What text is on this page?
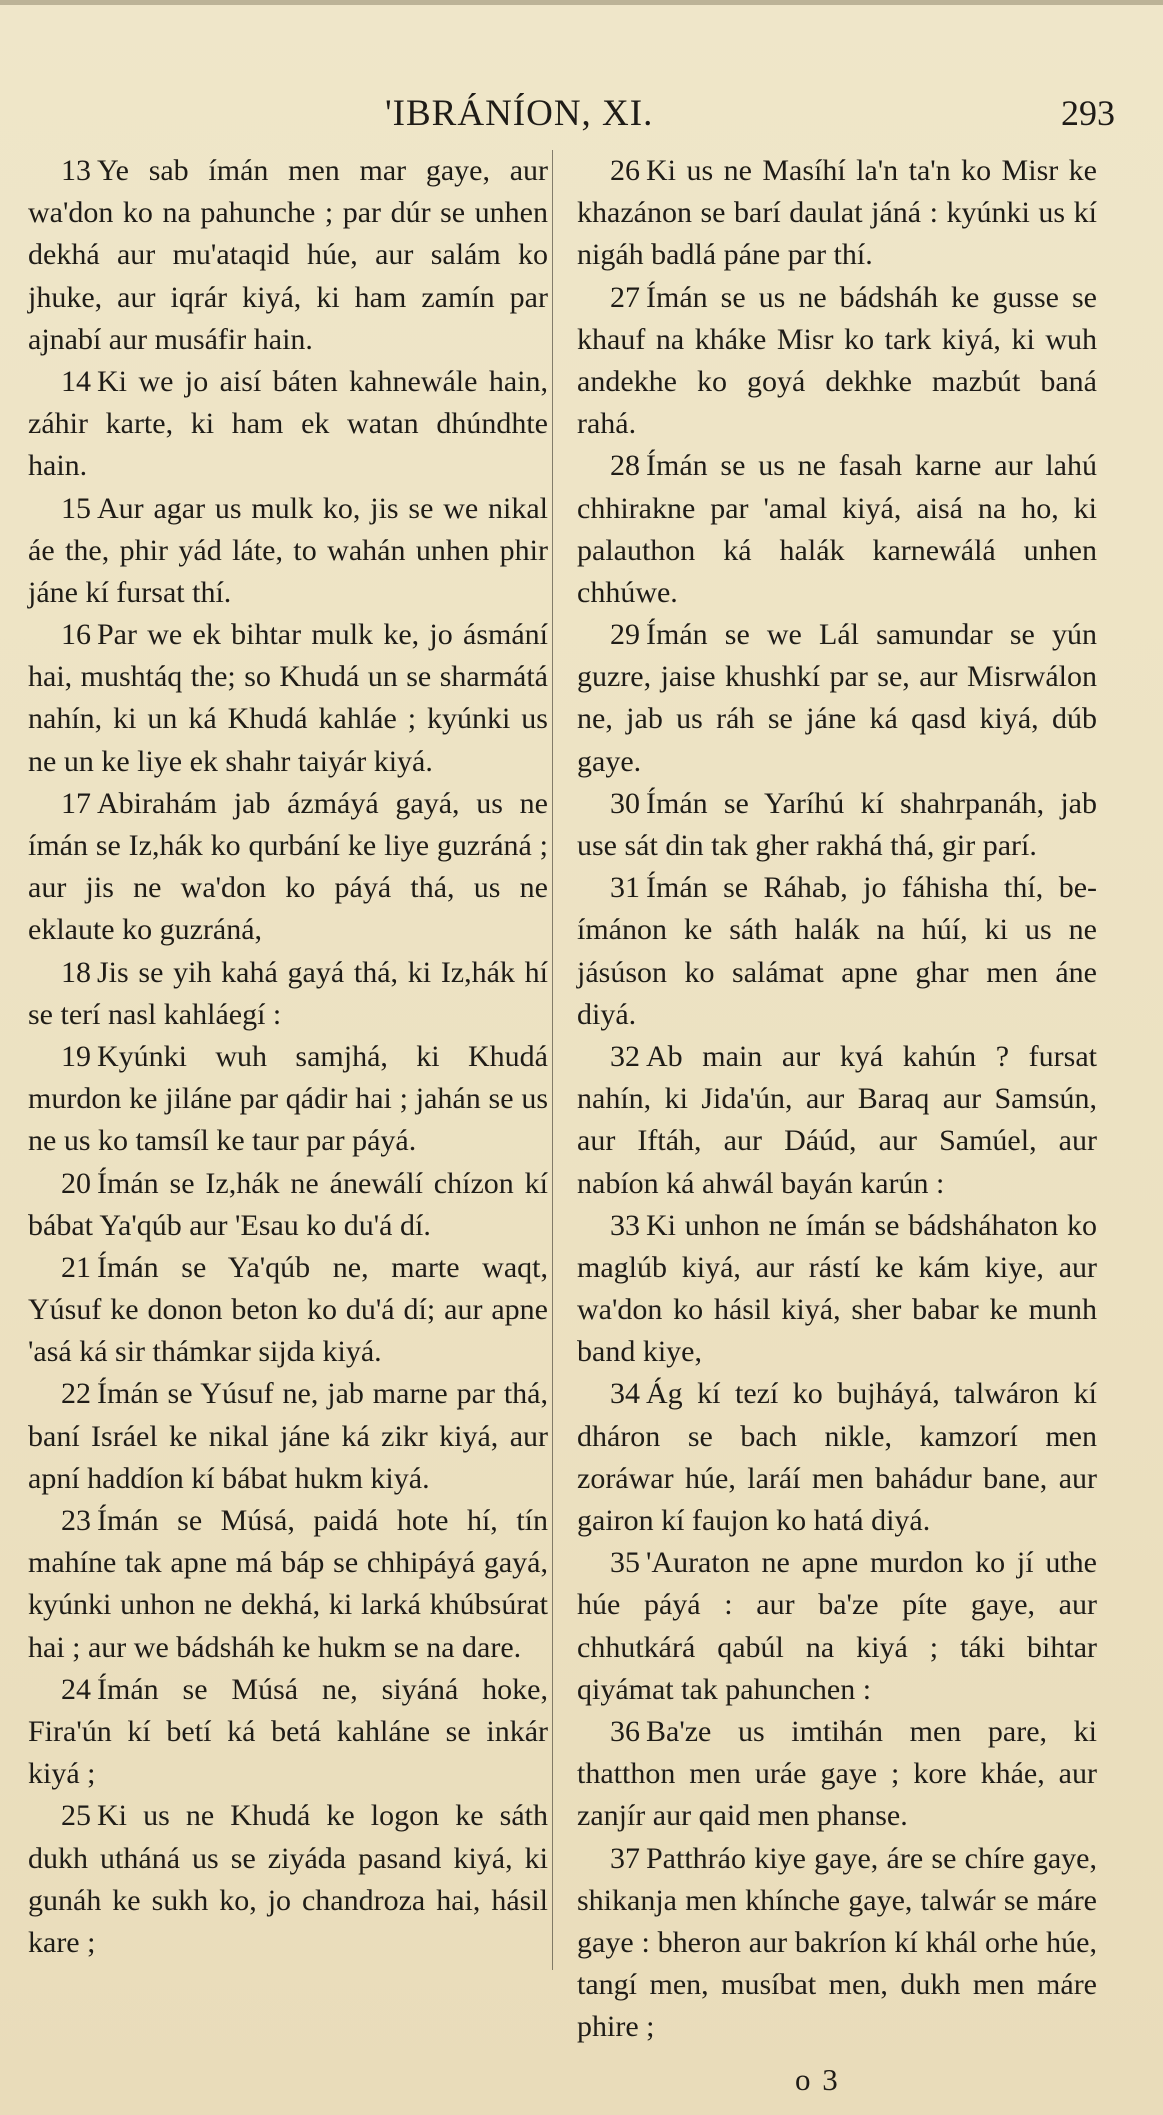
'IBRÁNÍON, XI.	293

13 Ye sab ímán men mar gaye, aur wa'don ko na pahunche ; par dúr se unhen dekhá aur mu'ataqid húe, aur salám ko jhuke, aur iqrár kiyá, ki ham zamín par ajnabí aur musáfir hain.

14 Ki we jo aisí báten kahnewále hain, záhir karte, ki ham ek watan dhúndhte hain.

15 Aur agar us mulk ko, jis se we nikal áe the, phir yád láte, to wahán unhen phir jáne kí fursat thí.

16 Par we ek bihtar mulk ke, jo ásmání hai, mushtáq the; so Khudá un se sharmátá nahín, ki un ká Khudá kahláe ; kyúnki us ne un ke liye ek shahr taiyár kiyá.

17 Abirahám jab ázmáyá gayá, us ne ímán se Iz,hák ko qurbání ke liye guzráná ; aur jis ne wa'don ko páyá thá, us ne eklaute ko guzráná,

18 Jis se yih kahá gayá thá, ki Iz,hák hí se terí nasl kahláegí :

19 Kyúnki wuh samjhá, ki Khudá murdon ke jiláne par qádir hai ; jahán se us ne us ko tamsíl ke taur par páyá.

20 Ímán se Iz,hák ne ánewálí chízon kí bábat Ya'qúb aur 'Esau ko du'á dí.

21 Ímán se Ya'qúb ne, marte waqt, Yúsuf ke donon beton ko du'á dí; aur apne 'asá ká sir thámkar sijda kiyá.

22 Ímán se Yúsuf ne, jab marne par thá, baní Isráel ke nikal jáne ká zikr kiyá, aur apní haddíon kí bábat hukm kiyá.

23 Ímán se Músá, paidá hote hí, tín mahíne tak apne má báp se chhipáyá gayá, kyúnki unhon ne dekhá, ki larká khúbsúrat hai ; aur we bádsháh ke hukm se na dare.

24 Ímán se Músá ne, siyáná hoke, Fira'ún kí betí ká betá kahláne se inkár kiyá ;

25 Ki us ne Khudá ke logon ke sáth dukh utháná us se ziyáda pasand kiyá, ki gunáh ke sukh ko, jo chandroza hai, hásil kare ;

26 Ki us ne Masíhí la'n ta'n ko Misr ke khazánon se barí daulat jáná : kyúnki us kí nigáh badlá páne par thí.

27 Ímán se us ne bádsháh ke gusse se khauf na kháke Misr ko tark kiyá, ki wuh andekhe ko goyá dekhke mazbút baná rahá.

28 Ímán se us ne fasah karne aur lahú chhirakne par 'amal kiyá, aisá na ho, ki palauthon ká halák karnewálá unhen chhúwe.

29 Ímán se we Lál samundar se yún guzre, jaise khushkí par se, aur Misrwálon ne, jab us ráh se jáne ká qasd kiyá, dúb gaye.

30 Ímán se Yaríhú kí shahrpanáh, jab use sát din tak gher rakhá thá, gir parí.

31 Ímán se Ráhab, jo fáhisha thí, be-ímánon ke sáth halák na húí, ki us ne jásúson ko salámat apne ghar men áne diyá.

32 Ab main aur kyá kahún ? fursat nahín, ki Jida'ún, aur Baraq aur Samsún, aur Iftáh, aur Dáúd, aur Samúel, aur nabíon ká ahwál bayán karún :

33 Ki unhon ne ímán se bádsháhaton ko maglúb kiyá, aur rástí ke kám kiye, aur wa'don ko hásil kiyá, sher babar ke munh band kiye,

34 Ág kí tezí ko bujháyá, talwáron kí dháron se bach nikle, kamzorí men zoráwar húe, laráí men bahádur bane, aur gairon kí faujon ko hatá diyá.

35 'Auraton ne apne murdon ko jí uthe húe páyá : aur ba'ze píte gaye, aur chhutkárá qabúl na kiyá ; táki bihtar qiyámat tak pahunchen :

36 Ba'ze us imtihán men pare, ki thatthon men uráe gaye ; kore kháe, aur zanjír aur qaid men phanse.

37 Patthráo kiye gaye, áre se chíre gaye, shikanja men khínche gaye, talwár se máre gaye : bheron aur bakríon kí khál orhe húe, tangí men, musíbat men, dukh men máre phire ;

o 3
